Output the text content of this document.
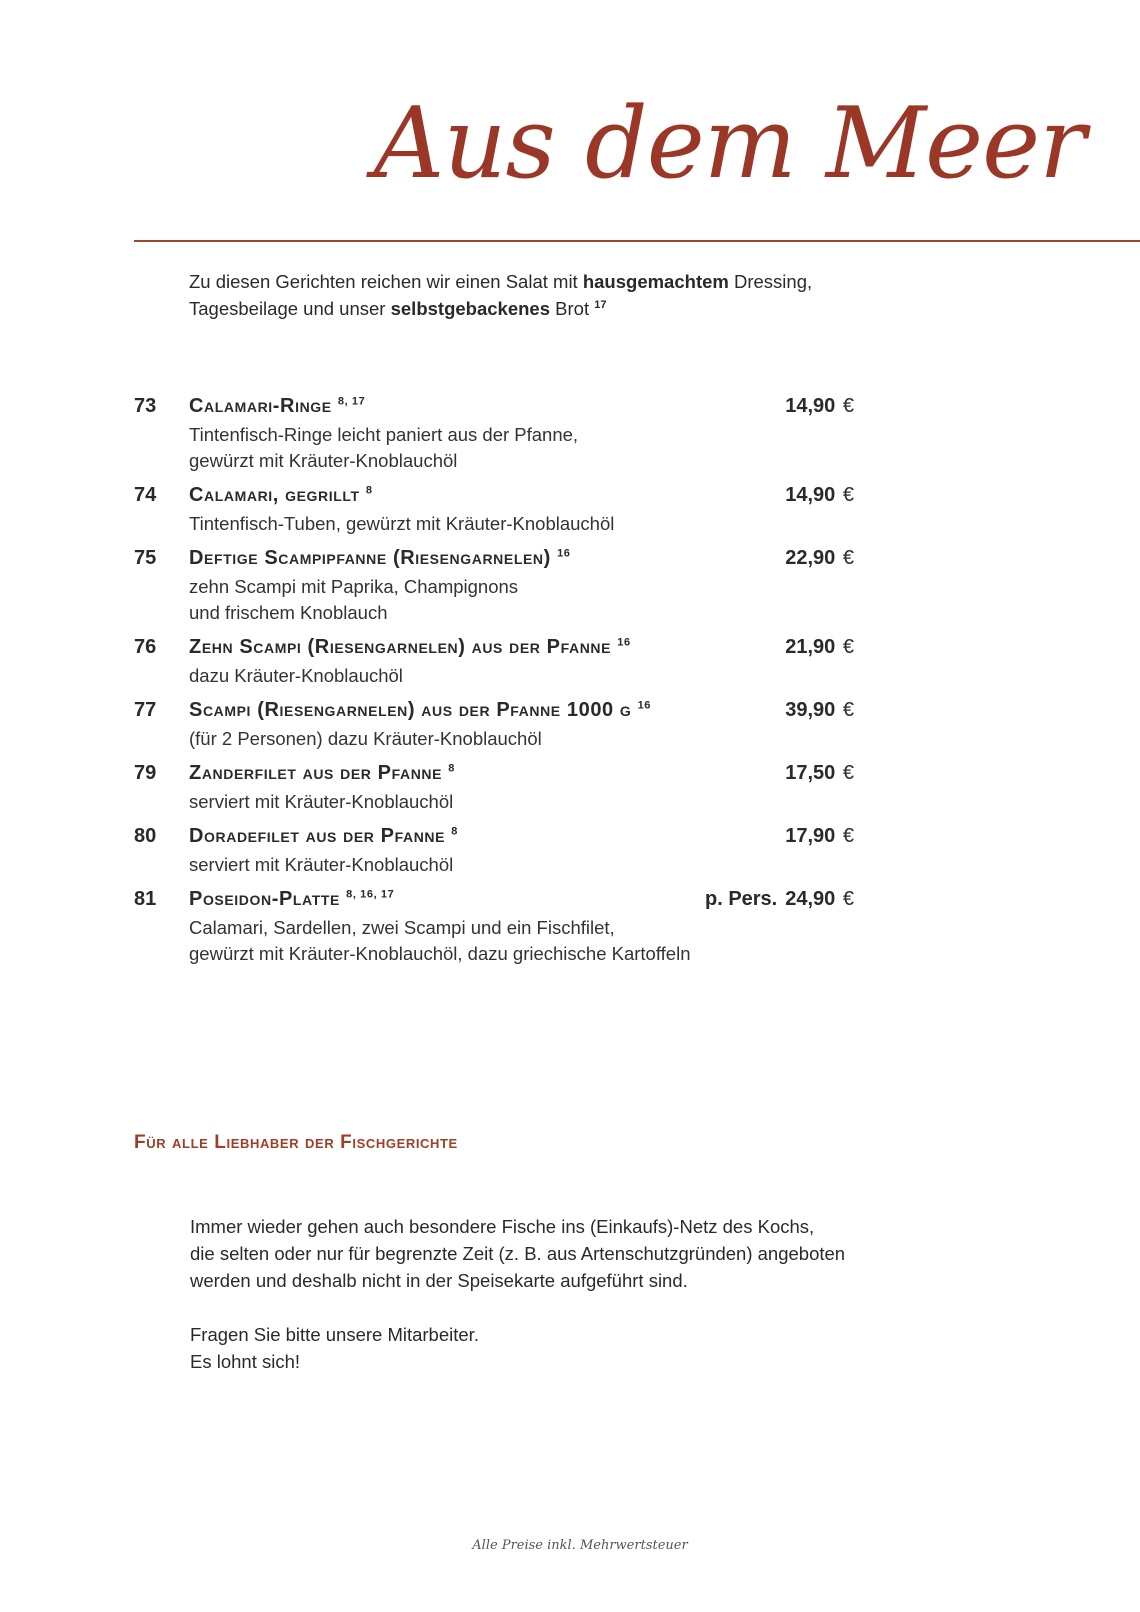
Aus dem Meer
Zu diesen Gerichten reichen wir einen Salat mit hausgemachtem Dressing,
Tagesbeilage und unser selbstgebackenes Brot $^{17}$
73	Calamari-Ringe $^{8, 17}$	14,90 €
Tintenfisch-Ringe leicht paniert aus der Pfanne,
gewürzt mit Kräuter-Knoblauchöl
74	Calamari, gegrillt $^8$	14,90 €
Tintenfisch-Tuben, gewürzt mit Kräuter-Knoblauchöl
75	Deftige Scampipfanne (Riesengarnelen) $^{16}$	22,90 €
zehn Scampi mit Paprika, Champignons
und frischem Knoblauch
76	Zehn Scampi (Riesengarnelen) aus der Pfanne $^{16}$	21,90 €
dazu Kräuter-Knoblauchöl
77	Scampi (Riesengarnelen) aus der Pfanne 1000 g $^{16}$	39,90 €
(für 2 Personen) dazu Kräuter-Knoblauchöl
79	Zanderfilet aus der Pfanne $^8$	17,50 €
serviert mit Kräuter-Knoblauchöl
80	Doradefilet aus der Pfanne $^8$	17,90 €
serviert mit Kräuter-Knoblauchöl
81	Poseidon-Platte $^{8, 16, 17}$	p. Pers. 24,90 €
Calamari, Sardellen, zwei Scampi und ein Fischfilet,
gewürzt mit Kräuter-Knoblauchöl, dazu griechische Kartoffeln
Für alle Liebhaber der Fischgerichte

Immer wieder gehen auch besondere Fische ins (Einkaufs)-Netz des Kochs,
die selten oder nur für begrenzte Zeit (z. B. aus Artenschutzgründen) angeboten
werden und deshalb nicht in der Speisekarte aufgeführt sind.

Fragen Sie bitte unsere Mitarbeiter.
Es lohnt sich!

Alle Preise inkl. Mehrwertsteuer
